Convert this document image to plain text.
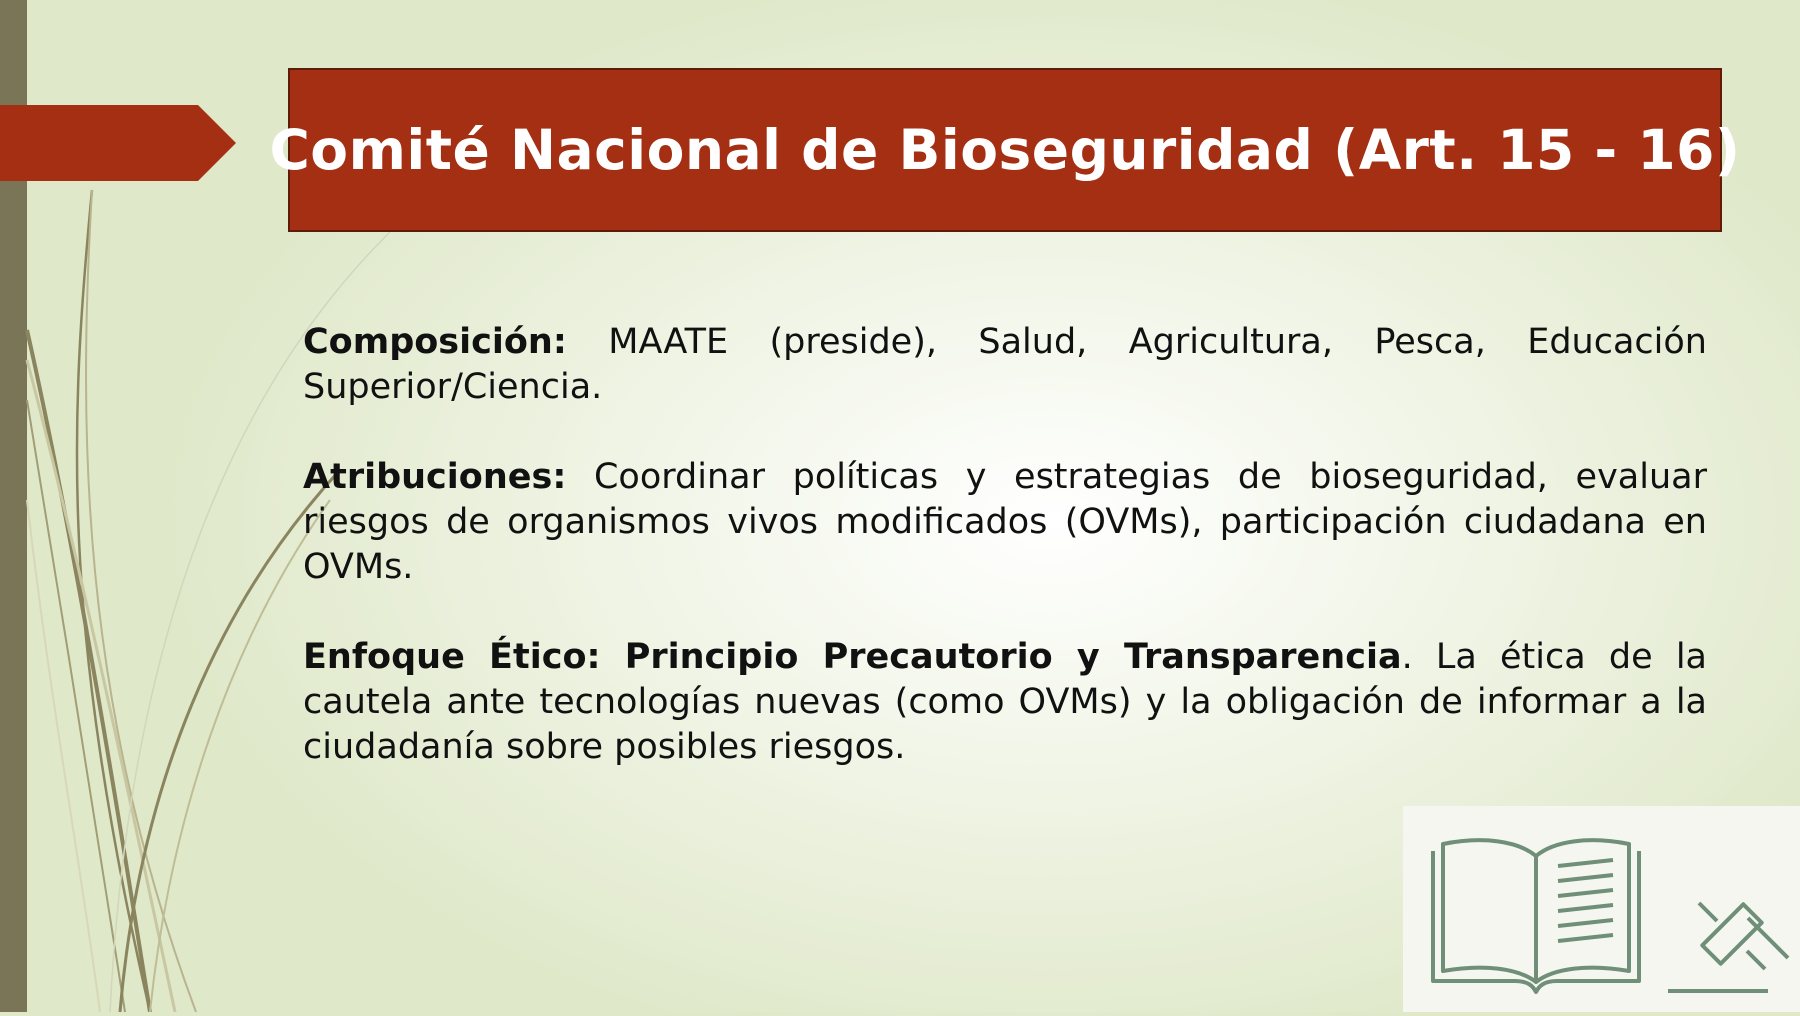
Comité Nacional de Bioseguridad (Art. 15 - 16)

Composición: MAATE (preside), Salud, Agricultura, Pesca, Educación Superior/Ciencia.

Atribuciones: Coordinar políticas y estrategias de bioseguridad, evaluar riesgos de organismos vivos modificados (OVMs), participación ciudadana en OVMs.

Enfoque Ético: Principio Precautorio y Transparencia. La ética de la cautela ante tecnologías nuevas (como OVMs) y la obligación de informar a la ciudadanía sobre posibles riesgos.
